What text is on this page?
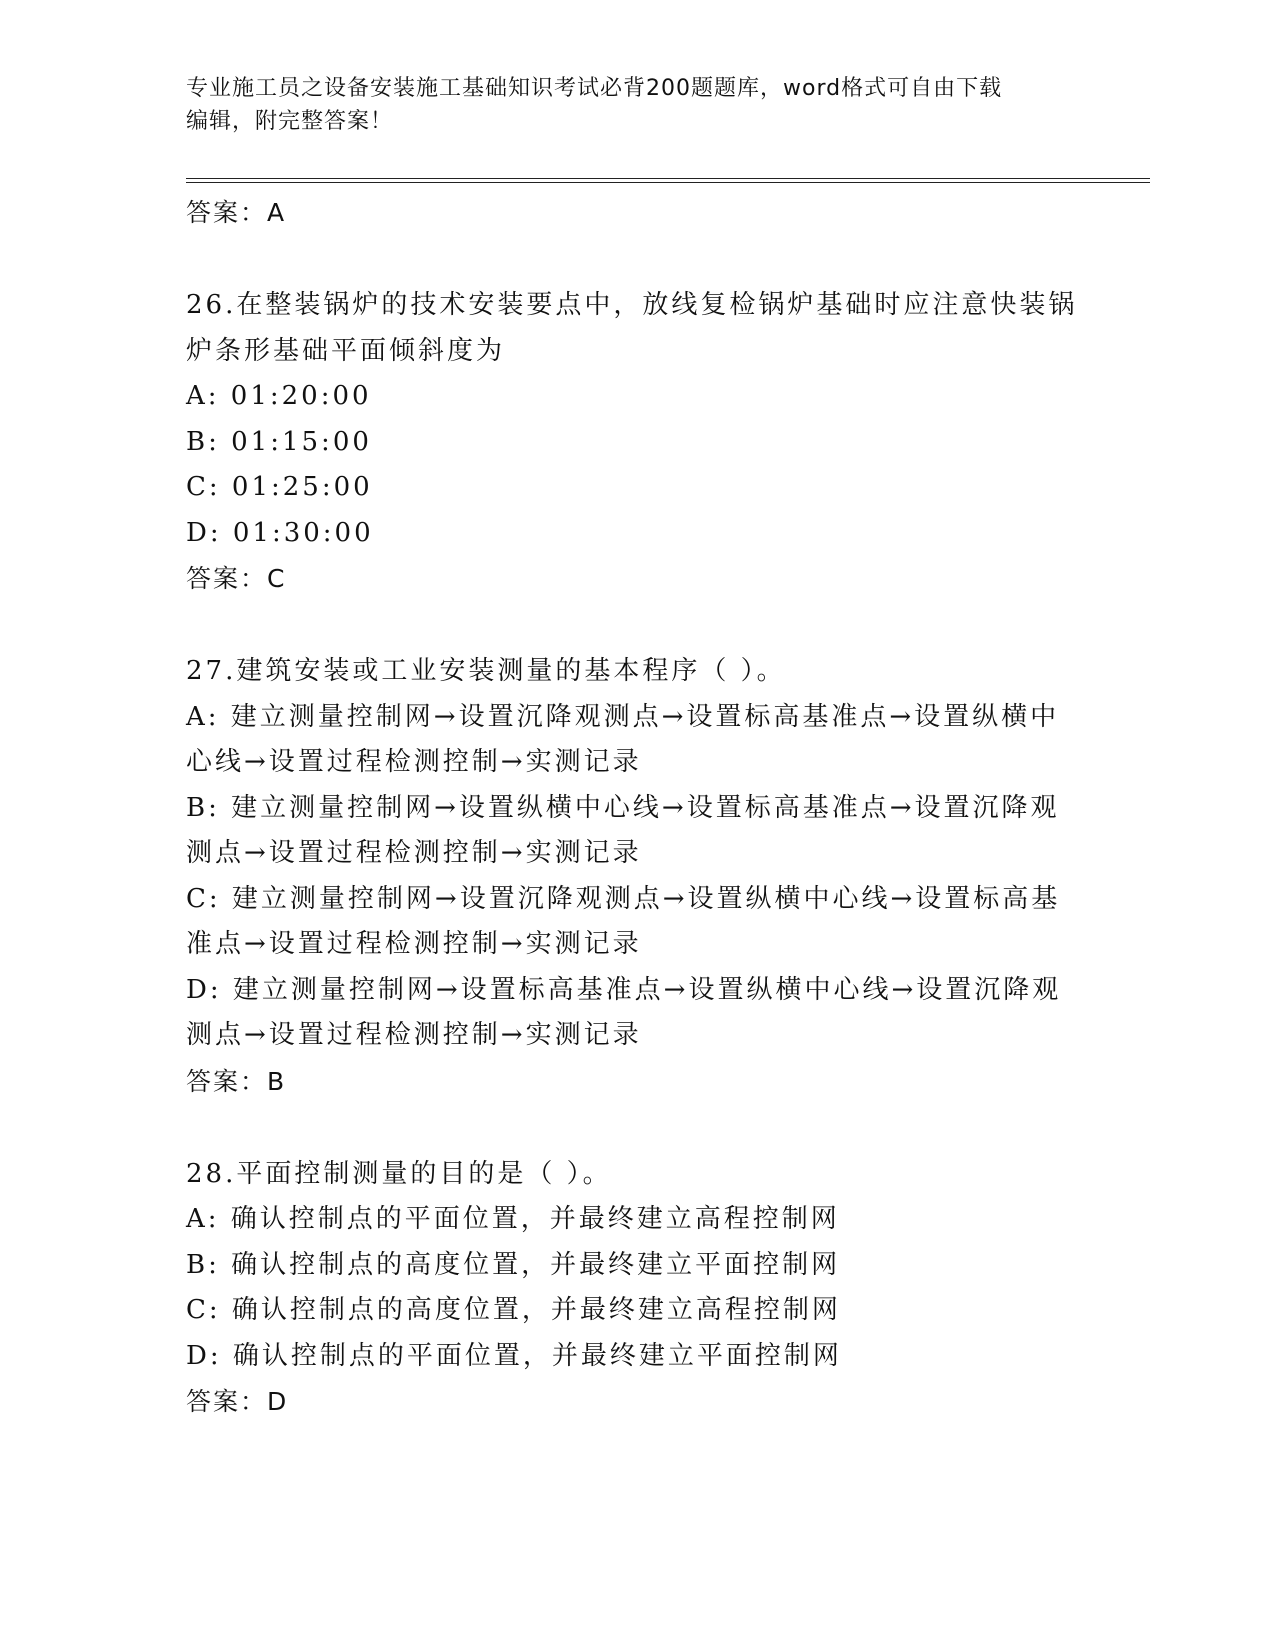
专业施工员之设备安装施工基础知识考试必背200题题库，word格式可自由下载
编辑，附完整答案！

答案：A

26.在整装锅炉的技术安装要点中，放线复检锅炉基础时应注意快装锅

炉条形基础平面倾斜度为

A: 01:20:00

B: 01:15:00

C: 01:25:00

D: 01:30:00

答案：C

27.建筑安装或工业安装测量的基本程序（ ）。

A: 建立测量控制网→设置沉降观测点→设置标高基准点→设置纵横中

心线→设置过程检测控制→实测记录

B: 建立测量控制网→设置纵横中心线→设置标高基准点→设置沉降观

测点→设置过程检测控制→实测记录

C: 建立测量控制网→设置沉降观测点→设置纵横中心线→设置标高基

准点→设置过程检测控制→实测记录

D: 建立测量控制网→设置标高基准点→设置纵横中心线→设置沉降观

测点→设置过程检测控制→实测记录

答案：B

28.平面控制测量的目的是（ ）。

A: 确认控制点的平面位置，并最终建立高程控制网

B: 确认控制点的高度位置，并最终建立平面控制网

C: 确认控制点的高度位置，并最终建立高程控制网

D: 确认控制点的平面位置，并最终建立平面控制网

答案：D
